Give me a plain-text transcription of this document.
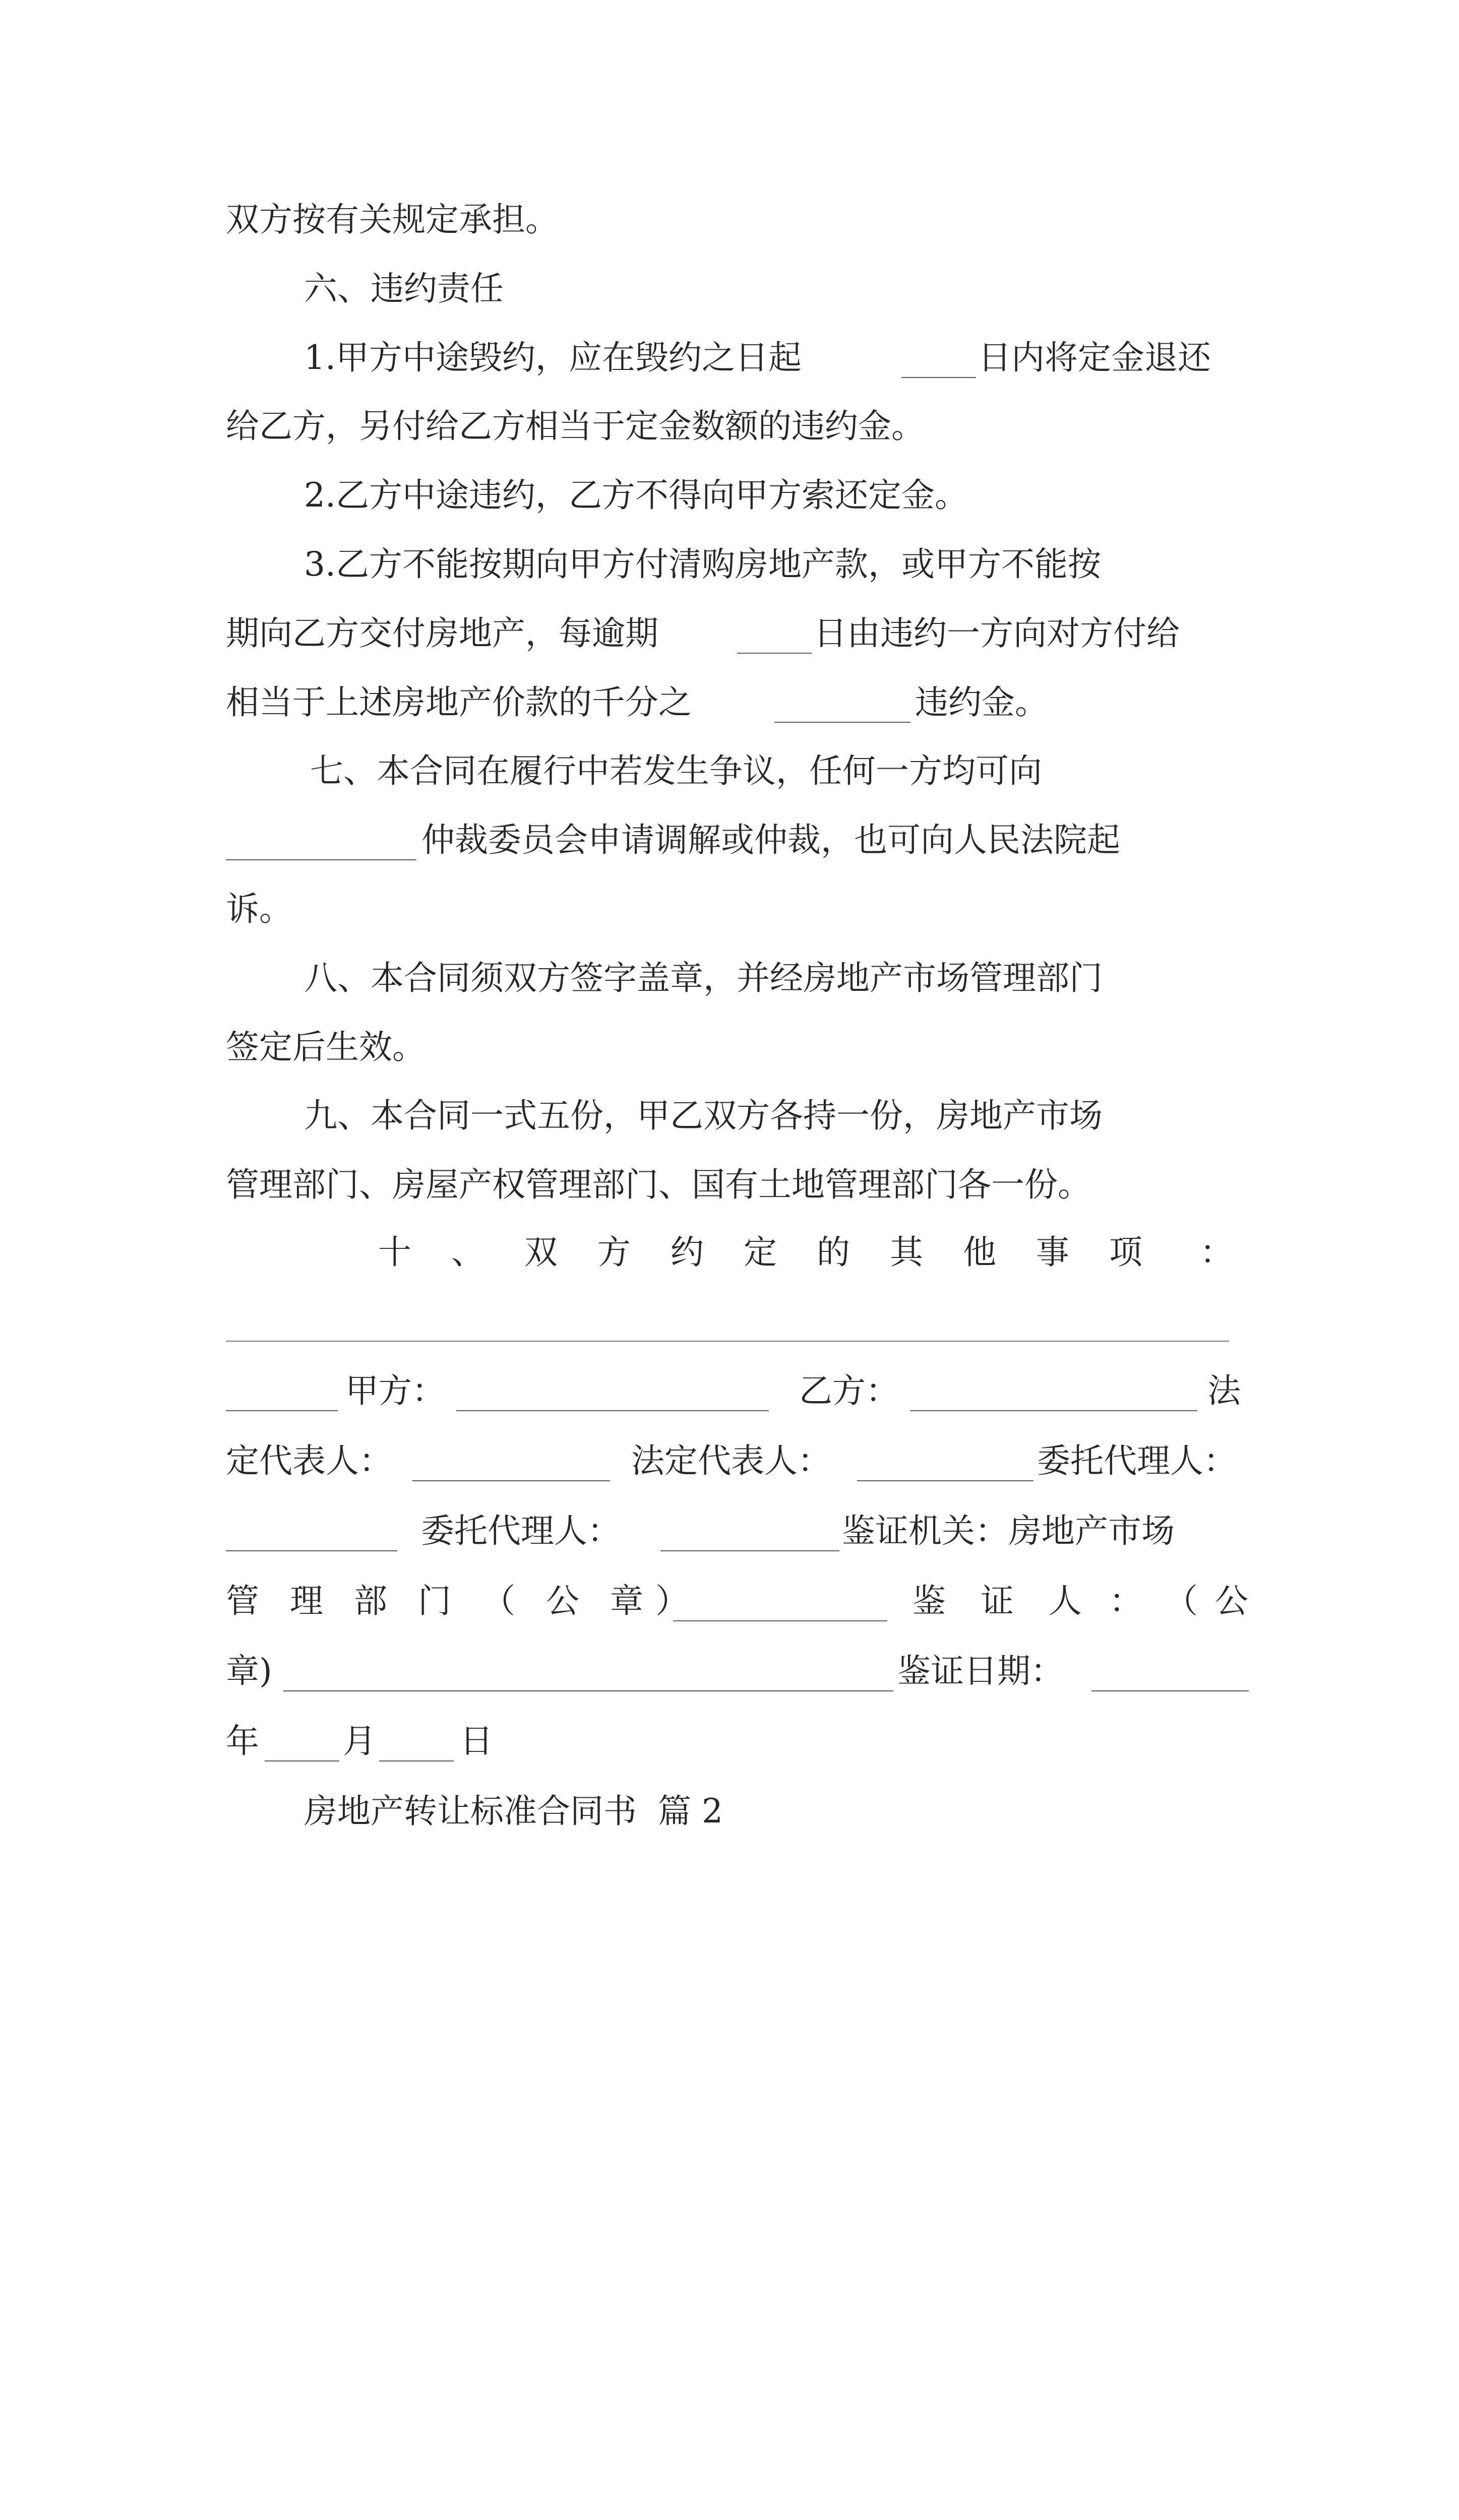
双方按有关规定承担。

六、违约责任

1.甲方中途毁约，应在毁约之日起

	日内将定金退还

给乙方，另付给乙方相当于定金数额的违约金。

2.乙方中途违约，乙方不得向甲方索还定金。

3.乙方不能按期向甲方付清购房地产款，或甲方不能按

期向乙方交付房地产，每逾期

	日由违约一方向对方付给

相当于上述房地产价款的千分之

	违约金。

七、本合同在履行中若发生争议，任何一方均可向

仲裁委员会申请调解或仲裁，也可向人民法院起

诉。

八、本合同须双方签字盖章，并经房地产市场管理部门

签定后生效。

九、本合同一式五份，甲乙双方各持一份，房地产市场

管理部门、房屋产权管理部门、国有土地管理部门各一份。

十

、

双

方

约

定

的

其

他

事

项

：

甲方：

	乙方：

	法

定代表人：

	法定代表人：

	委托代理人：

委托代理人：

	鉴证机关：房地产市场

管

理

部

门

（

公

章

）

	鉴

证

人

：

（

公

章)

	鉴证日期：

年

	月

	日

房地产转让标准合同书  篇 2
